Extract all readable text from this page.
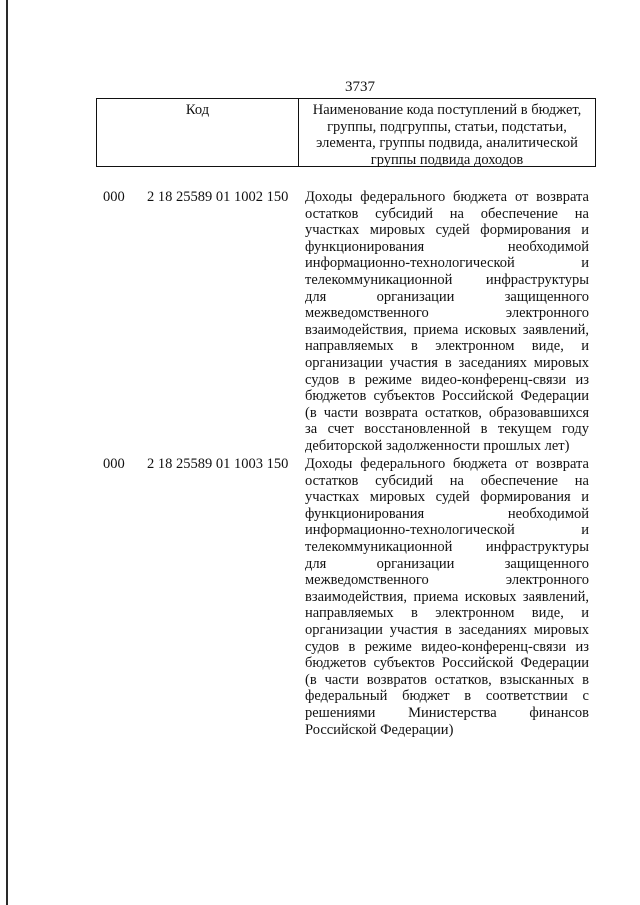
3737
Код	Наименование кода поступлений в бюджет,
группы, подгруппы, статьи, подстатьи,
элемента, группы подвида, аналитической
группы подвида доходов
000 2 18 25589 01 1002 150 Доходы федерального бюджета от возврата
остатков субсидий на обеспечение на
участках мировых судей формирования и
функционирования необходимой
информационно-технологической и
телекоммуникационной инфраструктуры
для организации защищенного
межведомственного электронного
взаимодействия, приема исковых заявлений,
направляемых в электронном виде, и
организации участия в заседаниях мировых
судов в режиме видео-конференц-связи из
бюджетов субъектов Российской Федерации
(в части возврата остатков, образовавшихся
за счет восстановленной в текущем году
дебиторской задолженности прошлых лет)
000 2 18 25589 01 1003 150 Доходы федерального бюджета от возврата
остатков субсидий на обеспечение на
участках мировых судей формирования и
функционирования необходимой
информационно-технологической и
телекоммуникационной инфраструктуры
для организации защищенного
межведомственного электронного
взаимодействия, приема исковых заявлений,
направляемых в электронном виде, и
организации участия в заседаниях мировых
судов в режиме видео-конференц-связи из
бюджетов субъектов Российской Федерации
(в части возвратов остатков, взысканных в
федеральный бюджет в соответствии с
решениями Министерства финансов
Российской Федерации)
